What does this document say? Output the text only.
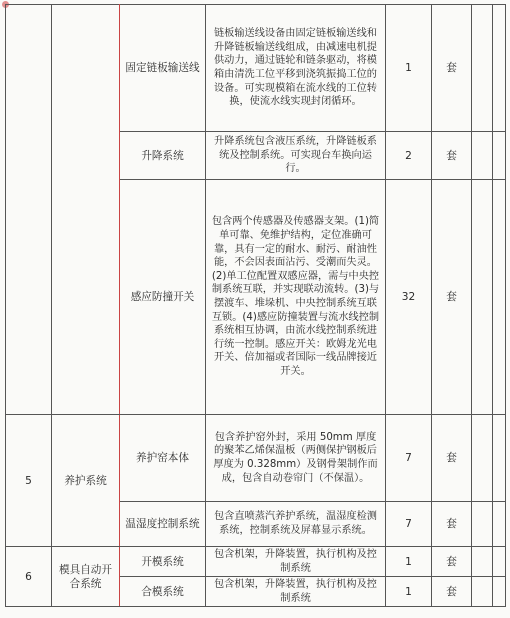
		固定链板输送线	链板输送线设备由固定链板输送线和升降链板输送线组成，由减速电机提供动力，通过链轮和链条驱动，将模箱由清洗工位平移到浇筑振捣工位的设备。可实现模箱在流水线的工位转换，使流水线实现封闭循环。	1	套		
		升降系统	升降系统包含液压系统，升降链板系统及控制系统。可实现台车换向运行。	2	套		
		感应防撞开关	包含两个传感器及传感器支架。(1)简单可靠、免维护结构，定位准确可靠，具有一定的耐水、耐污、耐油性能，不会因表面沾污、受潮而失灵。(2)单工位配置双感应器，需与中央控制系统互联，并实现联动流转。(3)与摆渡车、堆垛机、中央控制系统互联互锁。(4)感应防撞装置与流水线控制系统相互协调，由流水线控制系统进行统一控制。感应开关：欧姆龙光电开关、倍加福或者国际一线品牌接近开关。	32	套		
5	养护系统	养护窑本体	包含养护窑外封，采用 50mm 厚度的聚苯乙烯保温板（两侧保护钢板后厚度为 0.328mm）及钢骨架制作而成，包含自动卷帘门（不保温）。	7	套		
		温湿度控制系统	包含直喷蒸汽养护系统，温湿度检测系统，控制系统及屏幕显示系统。	7	套		
6	模具自动开合系统	开模系统	包含机架，升降装置，执行机构及控制系统	1	套		
		合模系统	包含机架，升降装置，执行机构及控制系统	1	套		
